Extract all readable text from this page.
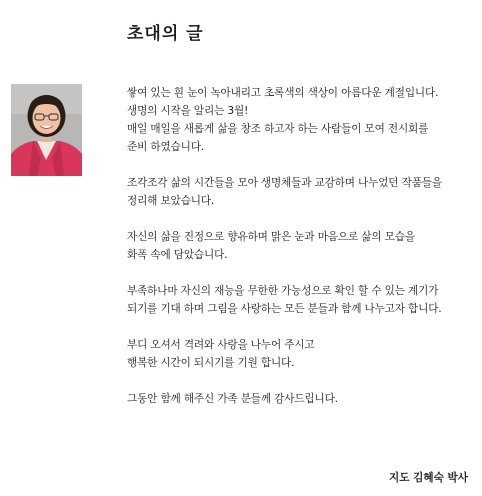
초대의 글

쌓여 있는 흰 눈이 녹아내리고 초록색의 색상이 아름다운 계절입니다.
생명의 시작을 알리는 3월!
매일 매일을 새롭게 삶을 창조 하고자 하는 사람들이 모여 전시회를
준비 하였습니다.

조각조각 삶의 시간들을 모아 생명체들과 교감하며 나누었던 작품들을
정리해 보았습니다.

자신의 삶을 진정으로 향유하며 맑은 눈과 마음으로 삶의 모습을
화폭 속에 담았습니다.

부족하나마 자신의 재능을 무한한 가능성으로 확인 할 수 있는 계기가
되기를 기대 하며 그림을 사랑하는 모든 분들과 함께 나누고자 합니다.

부디 오셔서 격려와 사랑을 나누어 주시고
행복한 시간이 되시기를 기원 합니다.

그동안 함께 해주신 가족 분들께 감사드립니다.

지도 김혜숙 박사
